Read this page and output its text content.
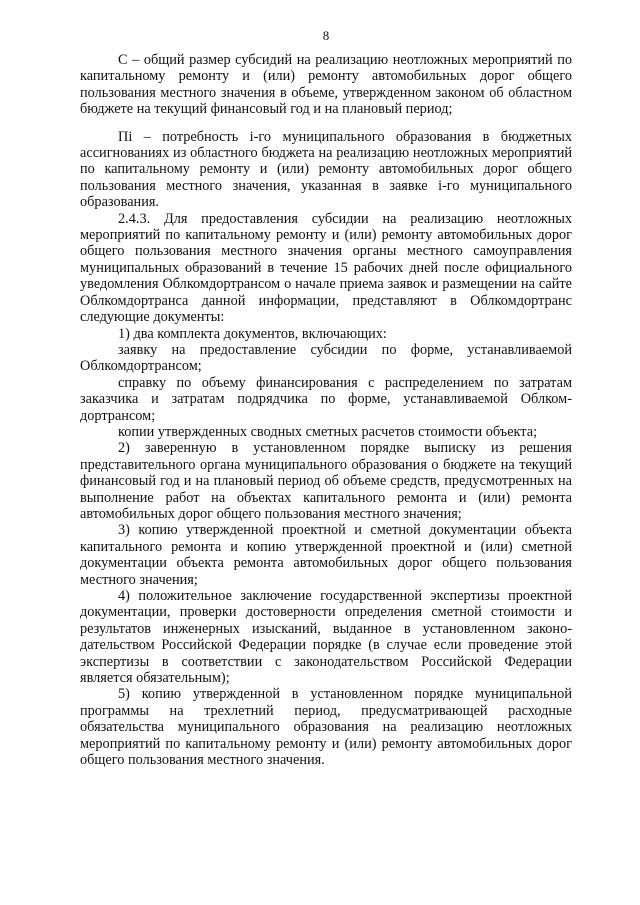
8

С – общий размер субсидий на реализацию неотложных мероприятий по капитальному ремонту и (или) ремонту автомобильных дорог общего пользования местного значения в объеме, утвержденном законом об областном бюджете на текущий финансовый год и на плановый период;

Пi – потребность i-го муниципального образования в бюджетных ассигнованиях из областного бюджета на реализацию неотложных мероприятий по капитальному ремонту и (или) ремонту автомобильных дорог общего пользования местного значения, указанная в заявке i-го муниципального образования.

2.4.3. Для предоставления субсидии на реализацию неотложных мероприятий по капитальному ремонту и (или) ремонту автомобильных дорог общего пользования местного значения органы местного самоуправления муниципальных образований в течение 15 рабочих дней после официального уведомления Облкомдортрансом о начале приема заявок и размещении на сайте Облкомдортранса данной информации, представляют в Облкомдортранс следующие документы:

1) два комплекта документов, включающих:

заявку на предоставление субсидии по форме, устанавливаемой Облкомдортрансом;

справку по объему финансирования с распределением по затратам заказчика и затратам подрядчика по форме, устанавливаемой Облкомдортрансом;

копии утвержденных сводных сметных расчетов стоимости объекта;

2) заверенную в установленном порядке выписку из решения представительного органа муниципального образования о бюджете на текущий финансовый год и на плановый период об объеме средств, предусмотренных на выполнение работ на объектах капитального ремонта и (или) ремонта автомобильных дорог общего пользования местного значения;

3) копию утвержденной проектной и сметной документации объекта капитального ремонта и копию утвержденной проектной и (или) сметной документации объекта ремонта автомобильных дорог общего пользования местного значения;

4) положительное заключение государственной экспертизы проектной документации, проверки достоверности определения сметной стоимости и результатов инженерных изысканий, выданное в установленном законодательством Российской Федерации порядке (в случае если проведение этой экспертизы в соответствии с законодательством Российской Федерации является обязательным);

5) копию утвержденной в установленном порядке муниципальной программы на трехлетний период, предусматривающей расходные обязательства муниципального образования на реализацию неотложных мероприятий по капитальному ремонту и (или) ремонту автомобильных дорог общего пользования местного значения.
